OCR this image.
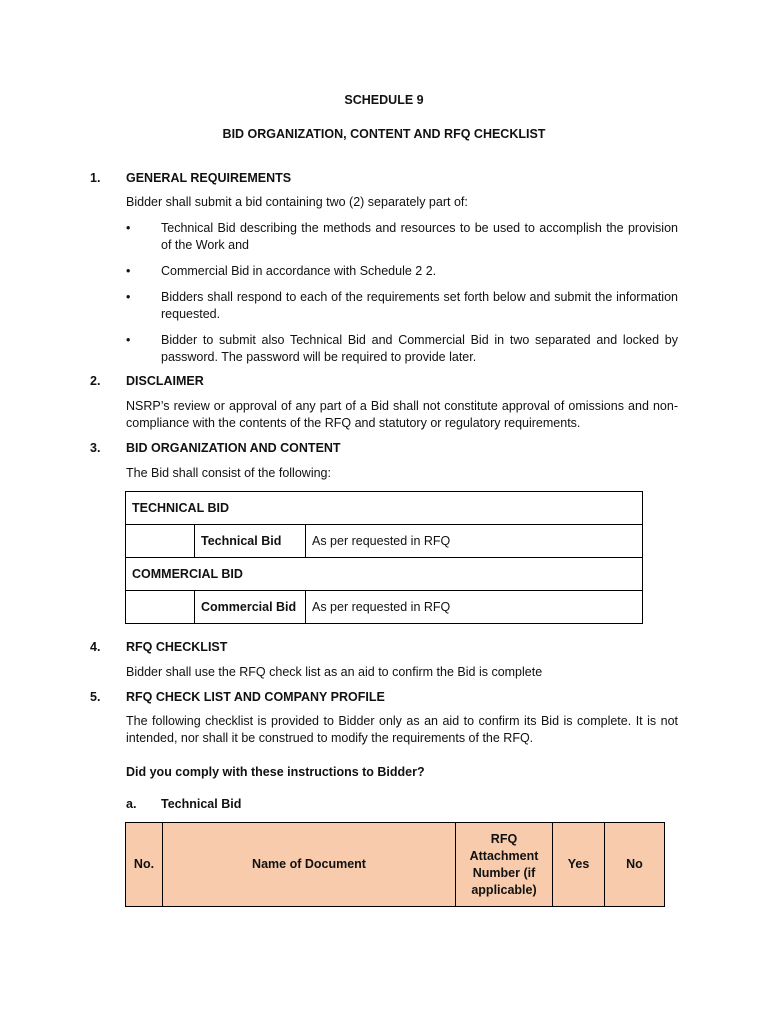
SCHEDULE 9
BID ORGANIZATION, CONTENT AND RFQ CHECKLIST
1. GENERAL REQUIREMENTS
Bidder shall submit a bid containing two (2) separately part of:
• Technical Bid describing the methods and resources to be used to accomplish the provision of the Work and
• Commercial Bid in accordance with Schedule 2 2.
• Bidders shall respond to each of the requirements set forth below and submit the information requested.
• Bidder to submit also Technical Bid and Commercial Bid in two separated and locked by password. The password will be required to provide later.
2. DISCLAIMER
NSRP’s review or approval of any part of a Bid shall not constitute approval of omissions and non-compliance with the contents of the RFQ and statutory or regulatory requirements.
3. BID ORGANIZATION AND CONTENT
The Bid shall consist of the following:
TECHNICAL BID		
	Technical Bid	As per requested in RFQ
COMMERCIAL BID		
	Commercial Bid	As per requested in RFQ
4. RFQ CHECKLIST
Bidder shall use the RFQ check list as an aid to confirm the Bid is complete
5. RFQ CHECK LIST AND COMPANY PROFILE
The following checklist is provided to Bidder only as an aid to confirm its Bid is complete. It is not intended, nor shall it be construed to modify the requirements of the RFQ.
Did you comply with these instructions to Bidder?
a. Technical Bid
No.	Name of Document	RFQ Attachment Number (if applicable)	Yes	No
